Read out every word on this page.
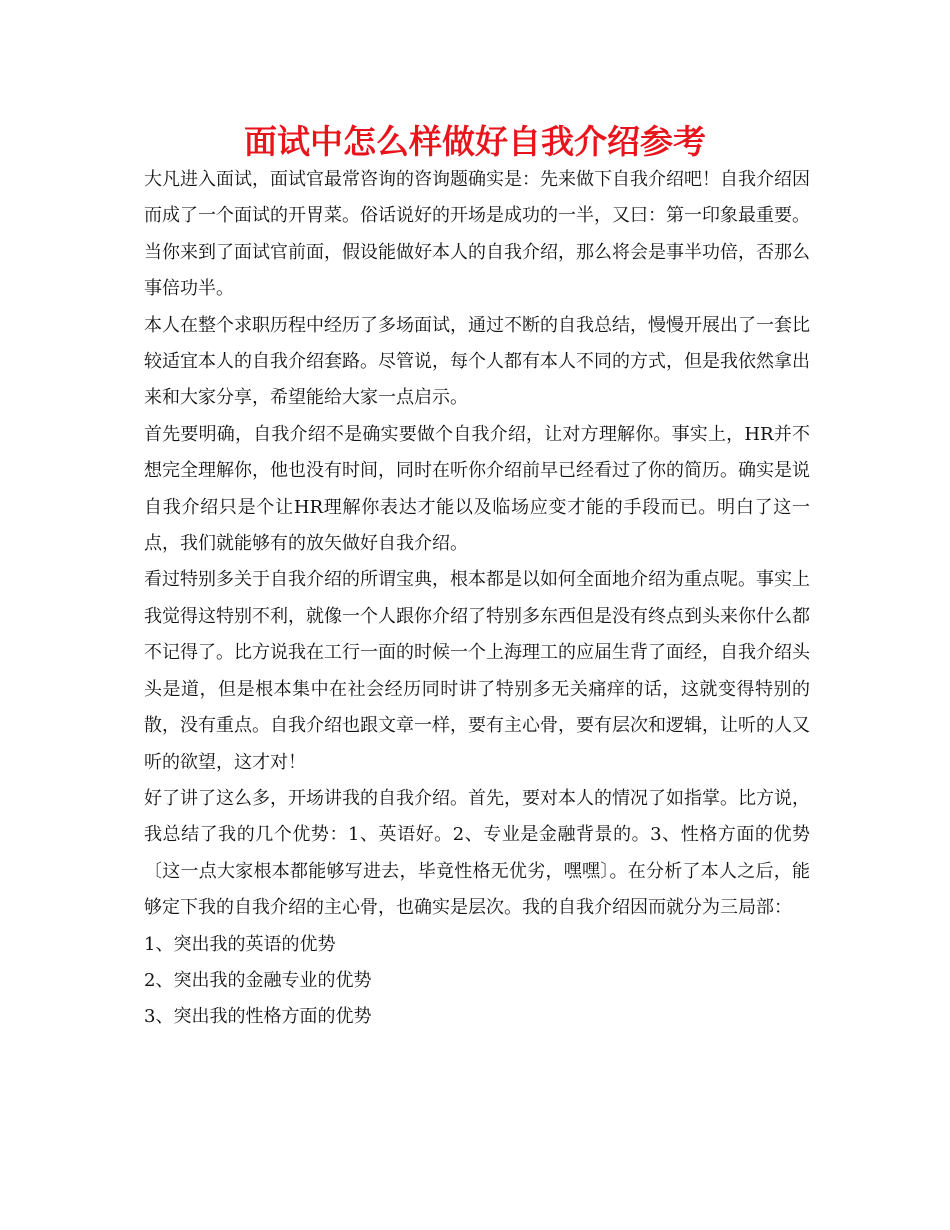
面试中怎么样做好自我介绍参考

大凡进入面试，面试官最常咨询的咨询题确实是：先来做下自我介绍吧！自我介绍因而成了一个面试的开胃菜。俗话说好的开场是成功的一半，又曰：第一印象最重要。当你来到了面试官前面，假设能做好本人的自我介绍，那么将会是事半功倍，否那么事倍功半。

本人在整个求职历程中经历了多场面试，通过不断的自我总结，慢慢开展出了一套比较适宜本人的自我介绍套路。尽管说，每个人都有本人不同的方式，但是我依然拿出来和大家分享，希望能给大家一点启示。

首先要明确，自我介绍不是确实要做个自我介绍，让对方理解你。事实上，HR并不想完全理解你，他也没有时间，同时在听你介绍前早已经看过了你的简历。确实是说自我介绍只是个让HR理解你表达才能以及临场应变才能的手段而已。明白了这一点，我们就能够有的放矢做好自我介绍。

看过特别多关于自我介绍的所谓宝典，根本都是以如何全面地介绍为重点呢。事实上我觉得这特别不利，就像一个人跟你介绍了特别多东西但是没有终点到头来你什么都不记得了。比方说我在工行一面的时候一个上海理工的应届生背了面经，自我介绍头头是道，但是根本集中在社会经历同时讲了特别多无关痛痒的话，这就变得特别的散，没有重点。自我介绍也跟文章一样，要有主心骨，要有层次和逻辑，让听的人又听的欲望，这才对！

好了讲了这么多，开场讲我的自我介绍。首先，要对本人的情况了如指掌。比方说，我总结了我的几个优势：1、英语好。2、专业是金融背景的。3、性格方面的优势〔这一点大家根本都能够写进去，毕竟性格无优劣，嘿嘿〕。在分析了本人之后，能够定下我的自我介绍的主心骨，也确实是层次。我的自我介绍因而就分为三局部：

1、突出我的英语的优势

2、突出我的金融专业的优势

3、突出我的性格方面的优势
